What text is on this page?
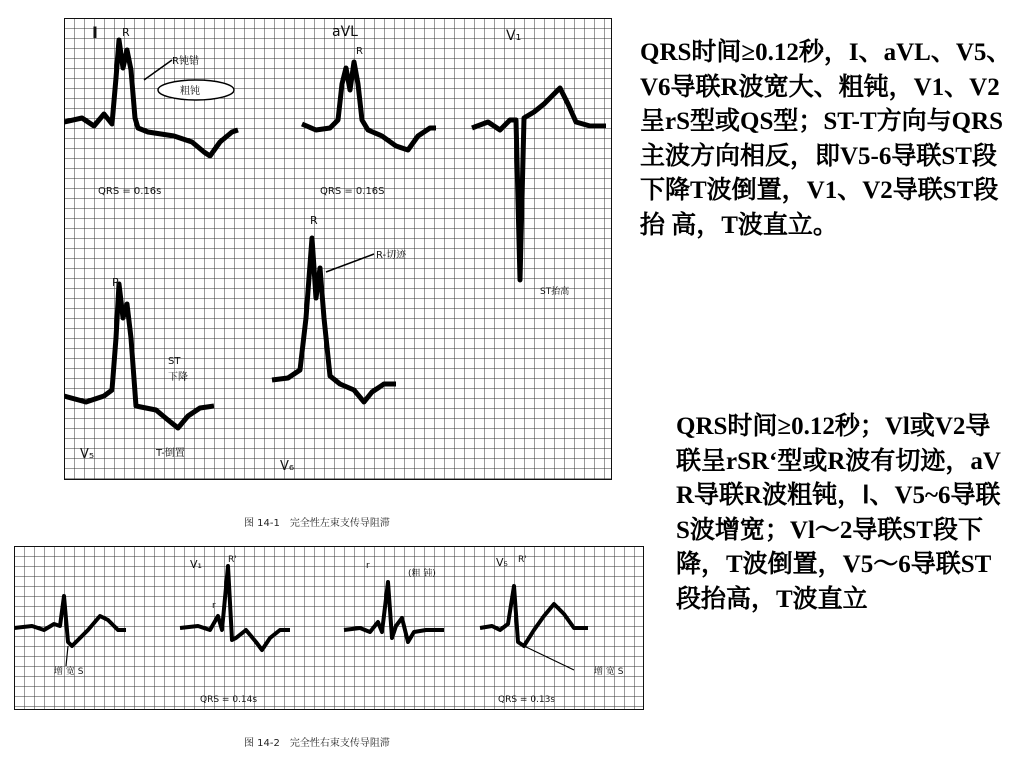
Ⅰ R
R钝错
粗钝
QRS = 0.16s
aVL
R
QRS = 0.16S
V₁
ST抬高
V₅
R
ST
下降
T-倒置
V₆
R
R-切迹
图 14-1　完全性左束支传导阻滞
增 宽 S
V₁	R'
r
QRS = 0.14s
r
(粗 钝)
V₅ R'
增 宽 S
QRS = 0.13s
图 14-2　完全性右束支传导阻滞
QRS时间≥0.12秒，I、aVL、V5、V6导联R波宽大、粗钝，V1、V2呈rS型或QS型；ST-T方向与QRS主波方向相反，即V5-6导联ST段下降T波倒置，V1、V2导联ST段抬 高，T波直立。
QRS时间≥0.12秒；Vl或V2导联呈rSR‘型或R波有切迹，aVR导联R波粗钝，Ⅰ、V5~6导联S波增宽；Vl～2导联ST段下降，T波倒置，V5～6导联ST段抬高，T波直立
